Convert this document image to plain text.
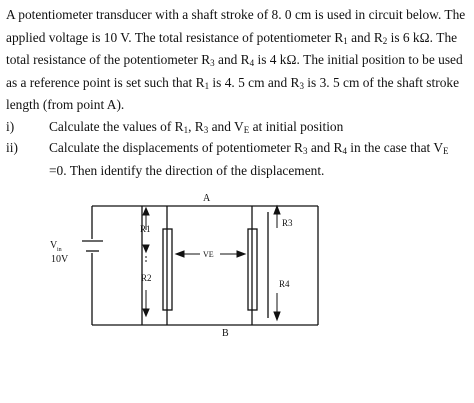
A potentiometer transducer with a shaft stroke of 8. 0 cm is used in circuit below. The
applied voltage is 10 V. The total resistance of potentiometer $R_1$ and $R_2$ is 6 kΩ. The
total resistance of the potentiometer $R_3$ and $R_4$ is 4 kΩ. The initial position to be used
as a reference point is set such that $R_1$ is 4. 5 cm and $R_3$ is 3. 5 cm of the shaft stroke
length (from point A).
i)	Calculate the values of $R_1$, $R_3$ and $V_E$ at initial position
ii) Calculate the displacements of potentiometer $R_3$ and $R_4$ in the case that $V_E$
=0. Then identify the direction of the displacement.
A
B
V in
10V
R1
R2
R3
R4
VE
